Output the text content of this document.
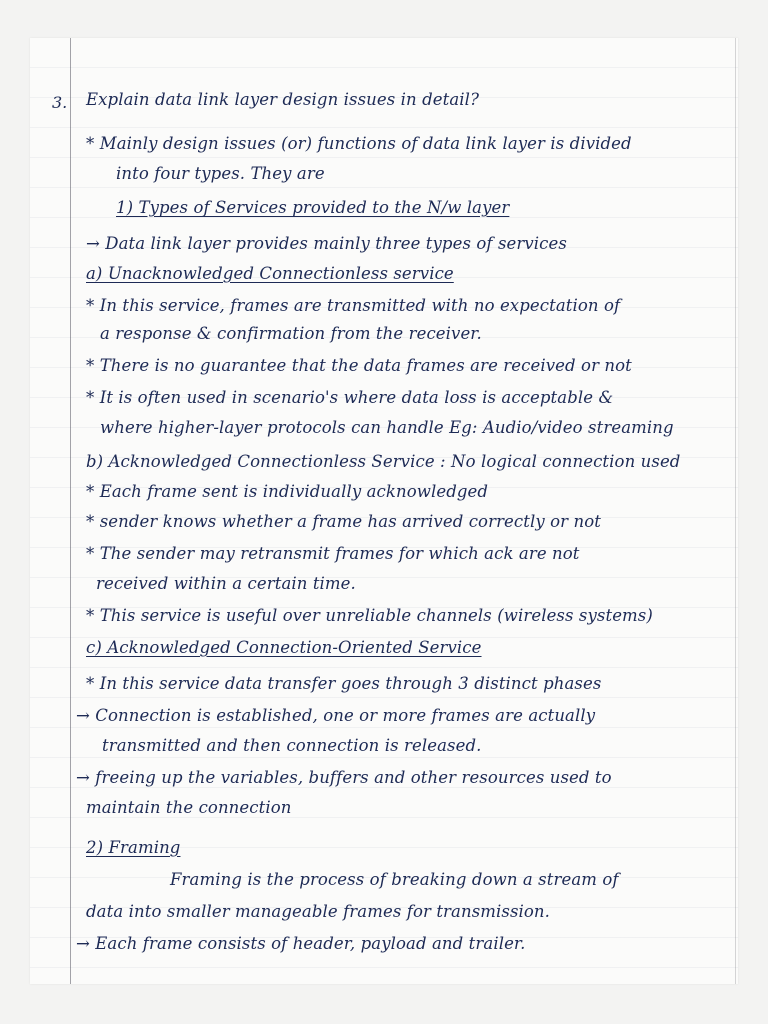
3. Explain data link layer design issues in detail?
* Mainly design issues (or) functions of data link layer is divided
into four types. They are
1) Types of Services provided to the N/w layer
→ Data link layer provides mainly three types of services
a) Unacknowledged Connectionless service
* In this service, frames are transmitted with no expectation of
a response & confirmation from the receiver.
* There is no guarantee that the data frames are received or not
* It is often used in scenario's where data loss is acceptable &
where higher-layer protocols can handle Eg: Audio/video streaming
b) Acknowledged Connectionless Service : No logical connection used
* Each frame sent is individually acknowledged
* sender knows whether a frame has arrived correctly or not
* The sender may retransmit frames for which ack are not
received within a certain time.
* This service is useful over unreliable channels (wireless systems)
c) Acknowledged Connection-Oriented Service
* In this service data transfer goes through 3 distinct phases
→ Connection is established, one or more frames are actually
transmitted and then connection is released.
→ freeing up the variables, buffers and other resources used to
maintain the connection
2) Framing
Framing is the process of breaking down a stream of
data into smaller manageable frames for transmission.
→ Each frame consists of header, payload and trailer.
